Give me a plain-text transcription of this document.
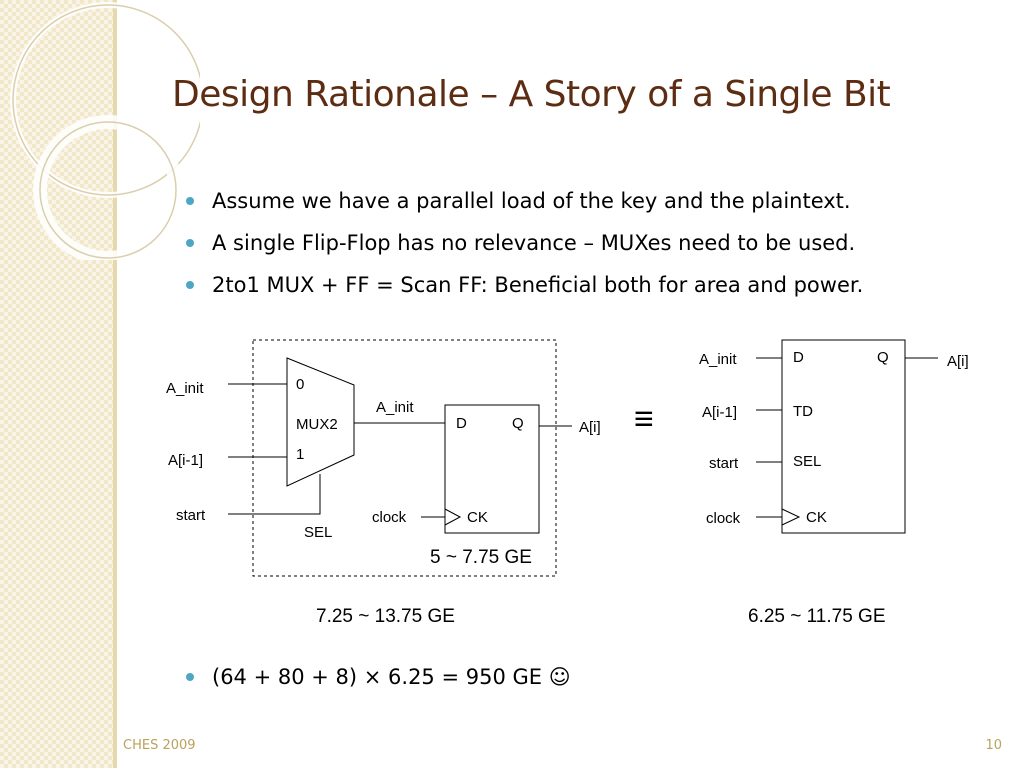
Design Rationale – A Story of a Single Bit
Assume we have a parallel load of the key and the plaintext.
A single Flip-Flop has no relevance – MUXes need to be used.
2to1 MUX + FF = Scan FF: Beneficial both for area and power.
A_init
A[i-1]
start
0
MUX2
1
SEL
A_init
D	Q
CK
clock
A[i]
5 ~ 7.75 GE
7.25 ~ 13.75 GE
≡
A_init
A[i-1]
start
clock
D
TD
SEL
CK
Q	A[i]
6.25 ~ 11.75 GE
(64 + 80 + 8) × 6.25 = 950 GE ☺
CHES 2009	10
